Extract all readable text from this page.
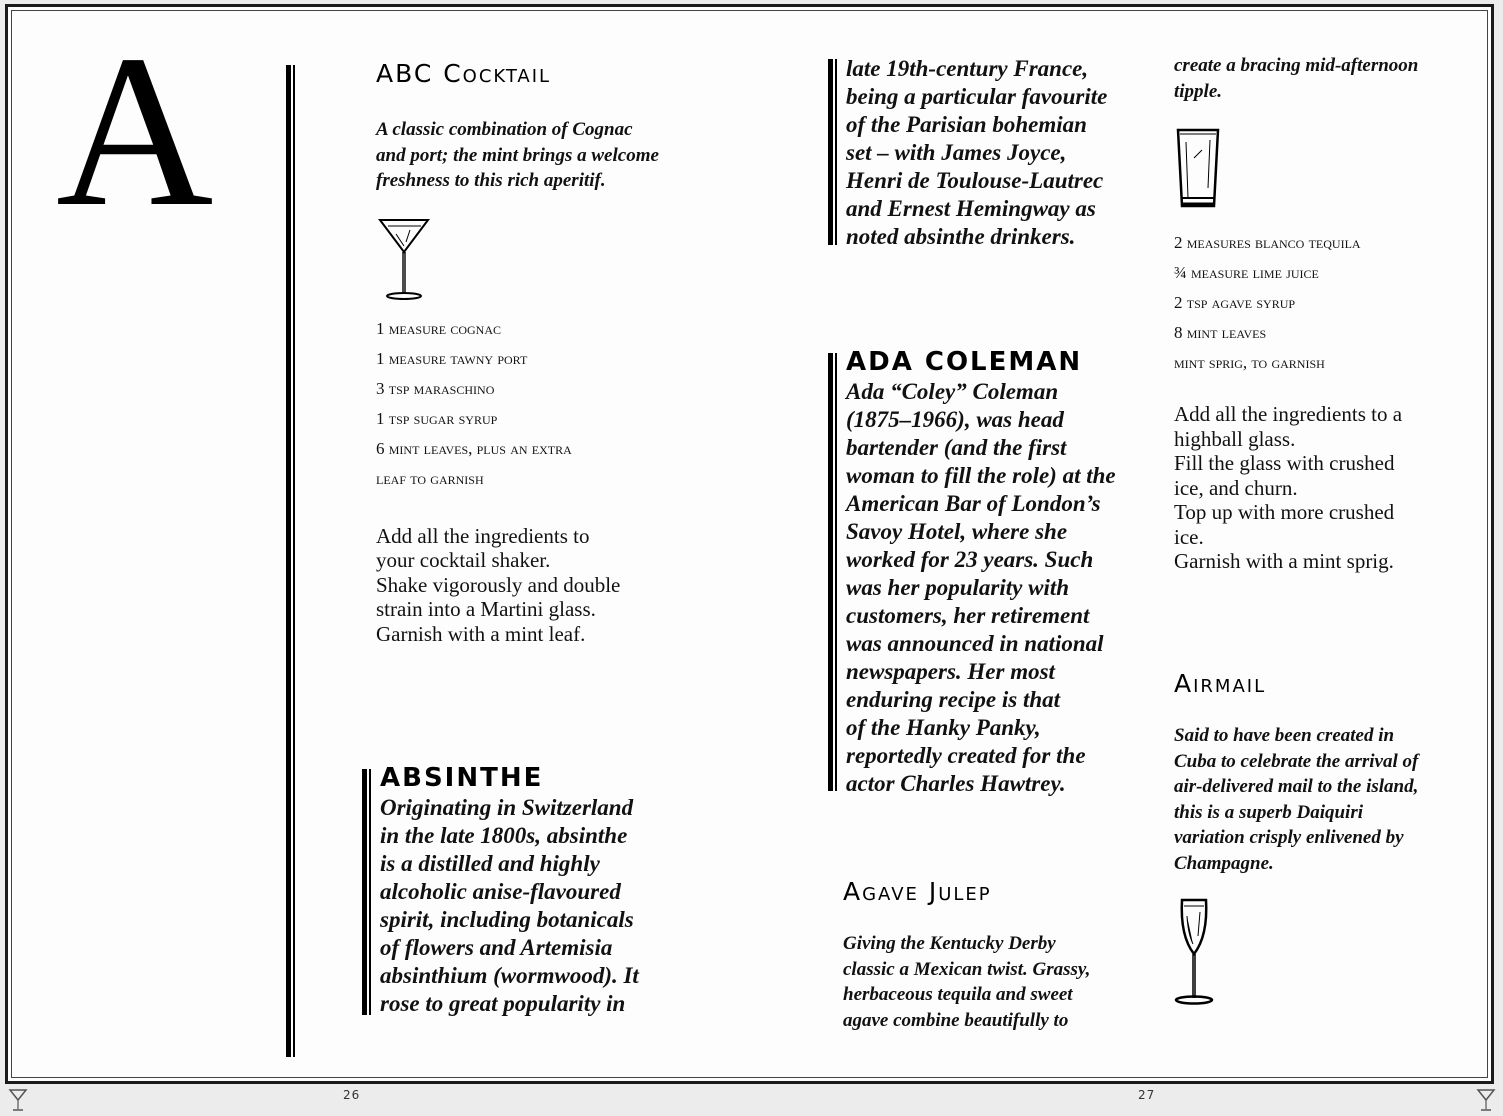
A	ABC Cocktail

A classic combination of Cognac and port; the mint brings a welcome freshness to this rich aperitif.

1 measure cognac
1 measure tawny port
3 tsp maraschino
1 tsp sugar syrup
6 mint leaves, plus an extra
leaf to garnish
Add all the ingredients to
your cocktail shaker.
Shake vigorously and double
strain into a Martini glass.
Garnish with a mint leaf.
ABSINTHE

Originating in Switzerland
in the late 1800s, absinthe
is a distilled and highly
alcoholic anise-flavoured
spirit, including botanicals
of flowers and Artemisia
absinthium (wormwood). It
rose to great popularity in

late 19th-century France,
being a particular favourite
of the Parisian bohemian
set – with James Joyce,
Henri de Toulouse-Lautrec
and Ernest Hemingway as
noted absinthe drinkers.

ADA COLEMAN

Ada “Coley” Coleman
(1875–1966), was head
bartender (and the first
woman to fill the role) at the
American Bar of London’s
Savoy Hotel, where she
worked for 23 years. Such
was her popularity with
customers, her retirement
was announced in national
newspapers. Her most
enduring recipe is that
of the Hanky Panky,
reportedly created for the
actor Charles Hawtrey.

Agave Julep

Giving the Kentucky Derby
classic a Mexican twist. Grassy,
herbaceous tequila and sweet
agave combine beautifully to

create a bracing mid-afternoon
tipple.

2 measures blanco tequila
¾ measure lime juice
2 tsp agave syrup
8 mint leaves
mint sprig, to garnish
Add all the ingredients to a
highball glass.
Fill the glass with crushed
ice, and churn.
Top up with more crushed
ice.
Garnish with a mint sprig.
Airmail

Said to have been created in
Cuba to celebrate the arrival of
air-delivered mail to the island,
this is a superb Daiquiri
variation crisply enlivened by
Champagne.

26	27
